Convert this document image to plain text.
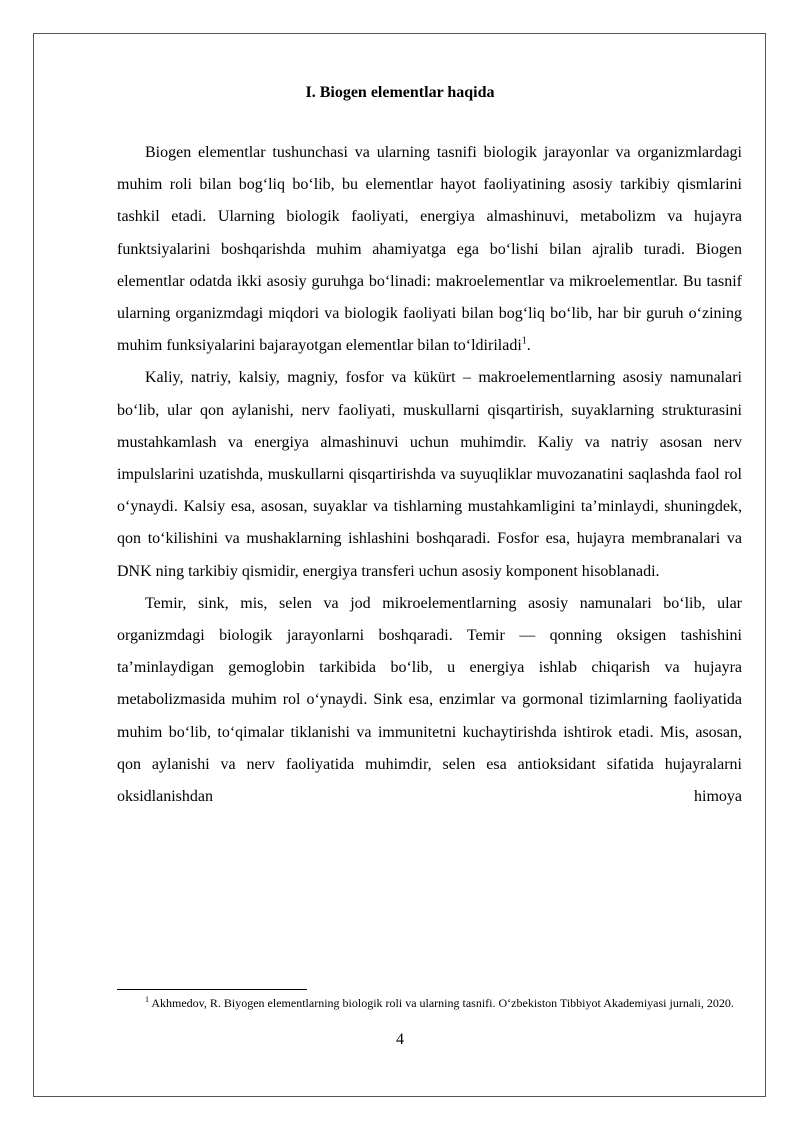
I. Biogen elementlar haqida

Biogen elementlar tushunchasi va ularning tasnifi biologik jarayonlar va organizmlardagi muhim roli bilan bog‘liq bo‘lib, bu elementlar hayot faoliyatining asosiy tarkibiy qismlarini tashkil etadi. Ularning biologik faoliyati, energiya almashinuvi, metabolizm va hujayra funktsiyalarini boshqarishda muhim ahamiyatga ega bo‘lishi bilan ajralib turadi. Biogen elementlar odatda ikki asosiy guruhga bo‘linadi: makroelementlar va mikroelementlar. Bu tasnif ularning organizmdagi miqdori va biologik faoliyati bilan bog‘liq bo‘lib, har bir guruh o‘zining muhim funksiyalarini bajarayotgan elementlar bilan to‘ldiriladi$^1$.

Kaliy, natriy, kalsiy, magniy, fosfor va kükürt – makroelementlarning asosiy namunalari bo‘lib, ular qon aylanishi, nerv faoliyati, muskullarni qisqartirish, suyaklarning strukturasini mustahkamlash va energiya almashinuvi uchun muhimdir. Kaliy va natriy asosan nerv impulslarini uzatishda, muskullarni qisqartirishda va suyuqliklar muvozanatini saqlashda faol rol o‘ynaydi. Kalsiy esa, asosan, suyaklar va tishlarning mustahkamligini ta’minlaydi, shuningdek, qon to‘kilishini va mushaklarning ishlashini boshqaradi. Fosfor esa, hujayra membranalari va DNK ning tarkibiy qismidir, energiya transferi uchun asosiy komponent hisoblanadi.

Temir, sink, mis, selen va jod mikroelementlarning asosiy namunalari bo‘lib, ular organizmdagi biologik jarayonlarni boshqaradi. Temir — qonning oksigen tashishini ta’minlaydigan gemoglobin tarkibida bo‘lib, u energiya ishlab chiqarish va hujayra metabolizmasida muhim rol o‘ynaydi. Sink esa, enzimlar va gormonal tizimlarning faoliyatida muhim bo‘lib, to‘qimalar tiklanishi va immunitetni kuchaytirishda ishtirok etadi. Mis, asosan, qon aylanishi va nerv faoliyatida muhimdir, selen esa antioksidant sifatida hujayralarni oksidlanishdan himoya

$^1$ Akhmedov, R. Biyogen elementlarning biologik roli va ularning tasnifi. O‘zbekiston Tibbiyot Akademiyasi jurnali, 2020.
4
